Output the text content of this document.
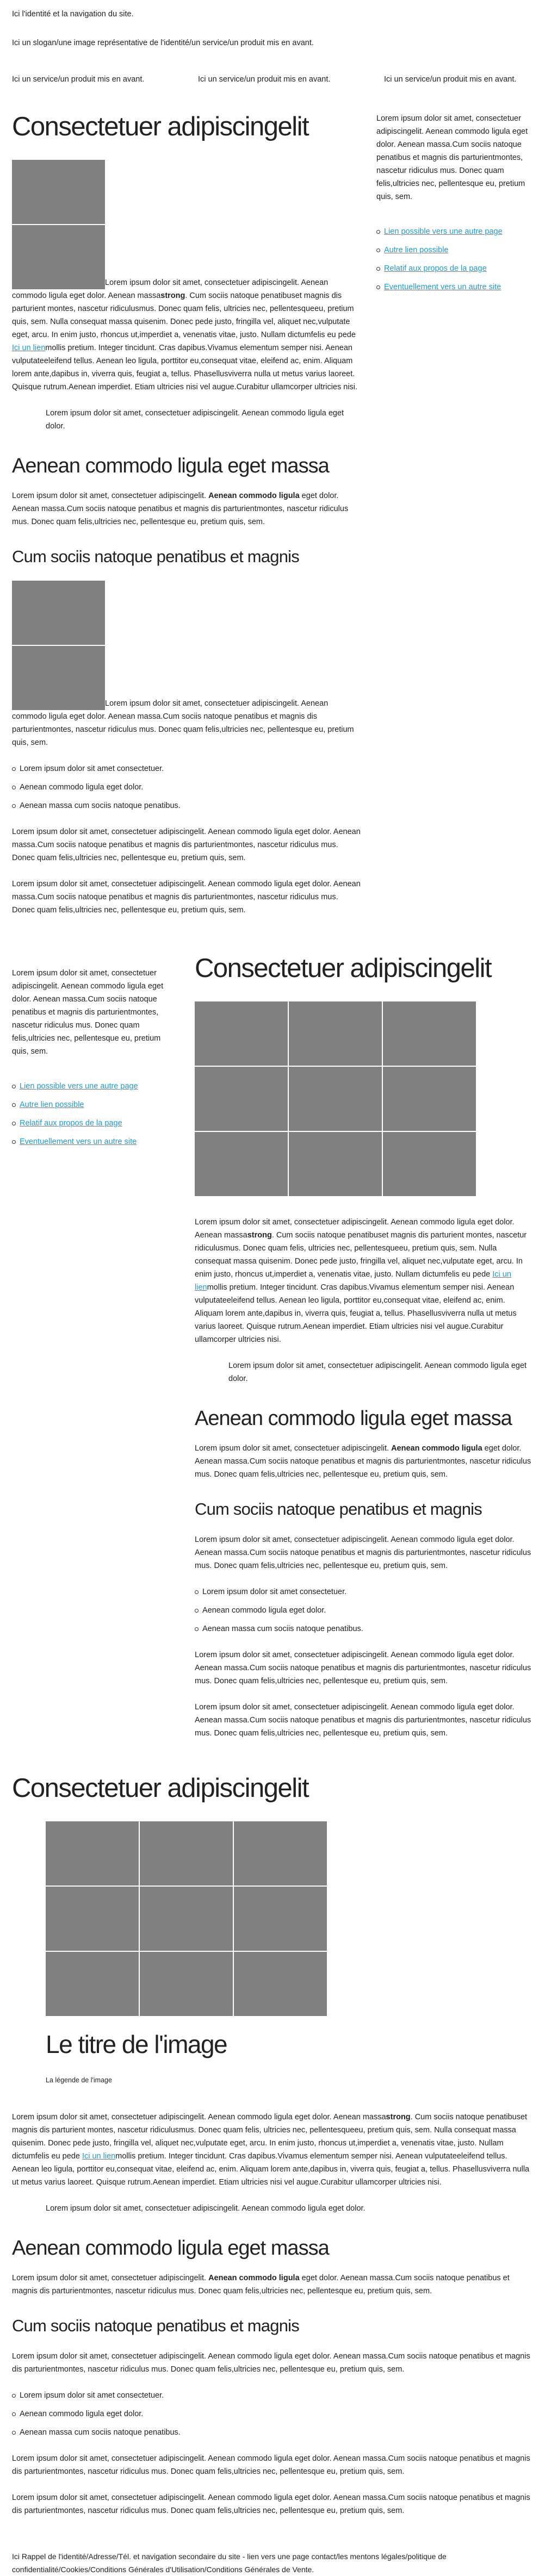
Ici l'identité et la navigation du site.
Ici un slogan/une image représentative de l'identité/un service/un produit mis en avant.
Ici un service/un produit mis en avant.	Ici un service/un produit mis en avant.	Ici un service/un produit mis en avant.
Consectetuer adipiscingelit

Lorem ipsum dolor sit amet, consectetuer adipiscingelit. Aenean commodo ligula eget dolor. Aenean massastrong. Cum sociis natoque penatibuset magnis dis parturient montes, nascetur ridiculusmus. Donec quam felis, ultricies nec, pellentesqueeu, pretium quis, sem. Nulla consequat massa quisenim. Donec pede justo, fringilla vel, aliquet nec,vulputate eget, arcu. In enim justo, rhoncus ut,imperdiet a, venenatis vitae, justo. Nullam dictumfelis eu pede Ici un lienmollis pretium. Integer tincidunt. Cras dapibus.Vivamus elementum semper nisi. Aenean vulputateeleifend tellus. Aenean leo ligula, porttitor eu,consequat vitae, eleifend ac, enim. Aliquam lorem ante,dapibus in, viverra quis, feugiat a, tellus. Phasellusviverra nulla ut metus varius laoreet. Quisque rutrum.Aenean imperdiet. Etiam ultricies nisi vel augue.Curabitur ullamcorper ultricies nisi.

Lorem ipsum dolor sit amet, consectetuer adipiscingelit. Aenean commodo ligula eget dolor.
Aenean commodo ligula eget massa

Lorem ipsum dolor sit amet, consectetuer adipiscingelit. Aenean commodo ligula eget dolor. Aenean massa.Cum sociis natoque penatibus et magnis dis parturientmontes, nascetur ridiculus mus. Donec quam felis,ultricies nec, pellentesque eu, pretium quis, sem.

Cum sociis natoque penatibus et magnis

Lorem ipsum dolor sit amet, consectetuer adipiscingelit. Aenean commodo ligula eget dolor. Aenean massa.Cum sociis natoque penatibus et magnis dis parturientmontes, nascetur ridiculus mus. Donec quam felis,ultricies nec, pellentesque eu, pretium quis, sem.

Lorem ipsum dolor sit amet consectetuer.
Aenean commodo ligula eget dolor.
Aenean massa cum sociis natoque penatibus.

Lorem ipsum dolor sit amet, consectetuer adipiscingelit. Aenean commodo ligula eget dolor. Aenean massa.Cum sociis natoque penatibus et magnis dis parturientmontes, nascetur ridiculus mus. Donec quam felis,ultricies nec, pellentesque eu, pretium quis, sem.

Lorem ipsum dolor sit amet, consectetuer adipiscingelit. Aenean commodo ligula eget dolor. Aenean massa.Cum sociis natoque penatibus et magnis dis parturientmontes, nascetur ridiculus mus. Donec quam felis,ultricies nec, pellentesque eu, pretium quis, sem.

Lorem ipsum dolor sit amet, consectetuer adipiscingelit. Aenean commodo ligula eget dolor. Aenean massa.Cum sociis natoque penatibus et magnis dis parturientmontes, nascetur ridiculus mus. Donec quam felis,ultricies nec, pellentesque eu, pretium quis, sem.

Lien possible vers une autre page
Autre lien possible
Relatif aux propos de la page
Eventuellement vers un autre site

Lorem ipsum dolor sit amet, consectetuer adipiscingelit. Aenean commodo ligula eget dolor. Aenean massa.Cum sociis natoque penatibus et magnis dis parturientmontes, nascetur ridiculus mus. Donec quam felis,ultricies nec, pellentesque eu, pretium quis, sem.

Lien possible vers une autre page
Autre lien possible
Relatif aux propos de la page
Eventuellement vers un autre site
Consectetuer adipiscingelit

Lorem ipsum dolor sit amet, consectetuer adipiscingelit. Aenean commodo ligula eget dolor. Aenean massastrong. Cum sociis natoque penatibuset magnis dis parturient montes, nascetur ridiculusmus. Donec quam felis, ultricies nec, pellentesqueeu, pretium quis, sem. Nulla consequat massa quisenim. Donec pede justo, fringilla vel, aliquet nec,vulputate eget, arcu. In enim justo, rhoncus ut,imperdiet a, venenatis vitae, justo. Nullam dictumfelis eu pede Ici un lienmollis pretium. Integer tincidunt. Cras dapibus.Vivamus elementum semper nisi. Aenean vulputateeleifend tellus. Aenean leo ligula, porttitor eu,consequat vitae, eleifend ac, enim. Aliquam lorem ante,dapibus in, viverra quis, feugiat a, tellus. Phasellusviverra nulla ut metus varius laoreet. Quisque rutrum.Aenean imperdiet. Etiam ultricies nisi vel augue.Curabitur ullamcorper ultricies nisi.

Lorem ipsum dolor sit amet, consectetuer adipiscingelit. Aenean commodo ligula eget dolor.
Aenean commodo ligula eget massa

Lorem ipsum dolor sit amet, consectetuer adipiscingelit. Aenean commodo ligula eget dolor. Aenean massa.Cum sociis natoque penatibus et magnis dis parturientmontes, nascetur ridiculus mus. Donec quam felis,ultricies nec, pellentesque eu, pretium quis, sem.

Cum sociis natoque penatibus et magnis

Lorem ipsum dolor sit amet, consectetuer adipiscingelit. Aenean commodo ligula eget dolor. Aenean massa.Cum sociis natoque penatibus et magnis dis parturientmontes, nascetur ridiculus mus. Donec quam felis,ultricies nec, pellentesque eu, pretium quis, sem.

Lorem ipsum dolor sit amet consectetuer.
Aenean commodo ligula eget dolor.
Aenean massa cum sociis natoque penatibus.

Lorem ipsum dolor sit amet, consectetuer adipiscingelit. Aenean commodo ligula eget dolor. Aenean massa.Cum sociis natoque penatibus et magnis dis parturientmontes, nascetur ridiculus mus. Donec quam felis,ultricies nec, pellentesque eu, pretium quis, sem.

Lorem ipsum dolor sit amet, consectetuer adipiscingelit. Aenean commodo ligula eget dolor. Aenean massa.Cum sociis natoque penatibus et magnis dis parturientmontes, nascetur ridiculus mus. Donec quam felis,ultricies nec, pellentesque eu, pretium quis, sem.

Consectetuer adipiscingelit
Le titre de l'image
La légende de l'image

Lorem ipsum dolor sit amet, consectetuer adipiscingelit. Aenean commodo ligula eget dolor. Aenean massastrong. Cum sociis natoque penatibuset magnis dis parturient montes, nascetur ridiculusmus. Donec quam felis, ultricies nec, pellentesqueeu, pretium quis, sem. Nulla consequat massa quisenim. Donec pede justo, fringilla vel, aliquet nec,vulputate eget, arcu. In enim justo, rhoncus ut,imperdiet a, venenatis vitae, justo. Nullam dictumfelis eu pede Ici un lienmollis pretium. Integer tincidunt. Cras dapibus.Vivamus elementum semper nisi. Aenean vulputateeleifend tellus. Aenean leo ligula, porttitor eu,consequat vitae, eleifend ac, enim. Aliquam lorem ante,dapibus in, viverra quis, feugiat a, tellus. Phasellusviverra nulla ut metus varius laoreet. Quisque rutrum.Aenean imperdiet. Etiam ultricies nisi vel augue.Curabitur ullamcorper ultricies nisi.

Lorem ipsum dolor sit amet, consectetuer adipiscingelit. Aenean commodo ligula eget dolor.
Aenean commodo ligula eget massa

Lorem ipsum dolor sit amet, consectetuer adipiscingelit. Aenean commodo ligula eget dolor. Aenean massa.Cum sociis natoque penatibus et magnis dis parturientmontes, nascetur ridiculus mus. Donec quam felis,ultricies nec, pellentesque eu, pretium quis, sem.

Cum sociis natoque penatibus et magnis

Lorem ipsum dolor sit amet, consectetuer adipiscingelit. Aenean commodo ligula eget dolor. Aenean massa.Cum sociis natoque penatibus et magnis dis parturientmontes, nascetur ridiculus mus. Donec quam felis,ultricies nec, pellentesque eu, pretium quis, sem.

Lorem ipsum dolor sit amet consectetuer.
Aenean commodo ligula eget dolor.
Aenean massa cum sociis natoque penatibus.

Lorem ipsum dolor sit amet, consectetuer adipiscingelit. Aenean commodo ligula eget dolor. Aenean massa.Cum sociis natoque penatibus et magnis dis parturientmontes, nascetur ridiculus mus. Donec quam felis,ultricies nec, pellentesque eu, pretium quis, sem.

Lorem ipsum dolor sit amet, consectetuer adipiscingelit. Aenean commodo ligula eget dolor. Aenean massa.Cum sociis natoque penatibus et magnis dis parturientmontes, nascetur ridiculus mus. Donec quam felis,ultricies nec, pellentesque eu, pretium quis, sem.

Ici Rappel de l'identité/Adresse/Tél. et navigation secondaire du site - lien vers une page contact/les mentons légales/politique de confidentialité/Cookies/Conditions Générales d'Utilisation/Conditions Générales de Vente.
